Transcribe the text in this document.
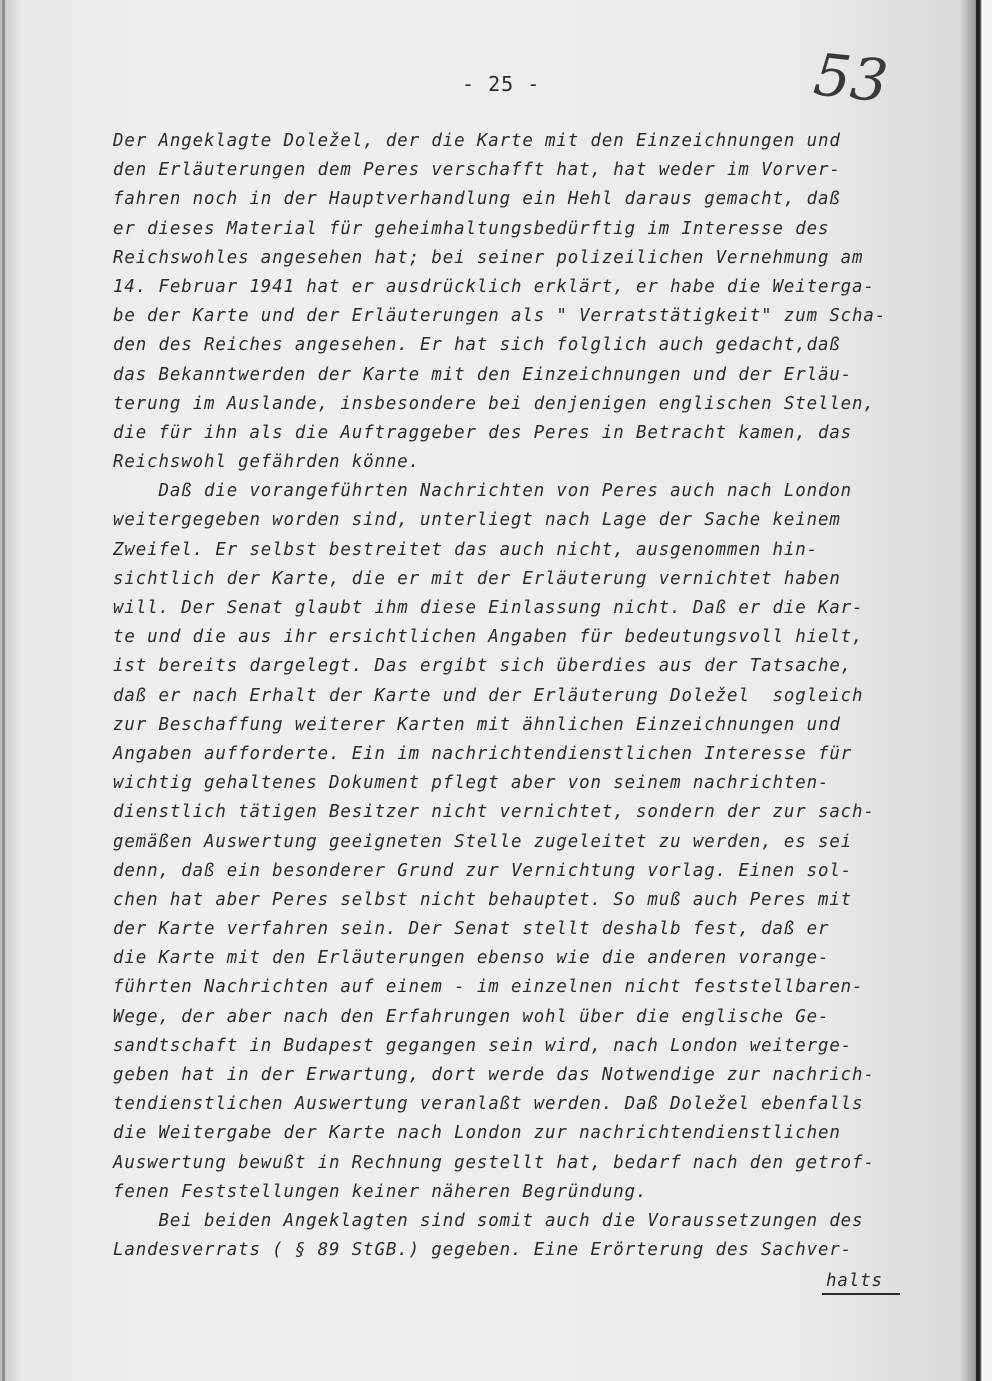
- 25 -	53
Der Angeklagte Doležel, der die Karte mit den Einzeichnungen und
den Erläuterungen dem Peres verschafft hat, hat weder im Vorver-
fahren noch in der Hauptverhandlung ein Hehl daraus gemacht, daß
er dieses Material für geheimhaltungsbedürftig im Interesse des
Reichswohles angesehen hat; bei seiner polizeilichen Vernehmung am
14. Februar 1941 hat er ausdrücklich erklärt, er habe die Weiterga-
be der Karte und der Erläuterungen als " Verratstätigkeit" zum Scha-
den des Reiches angesehen. Er hat sich folglich auch gedacht,daß
das Bekanntwerden der Karte mit den Einzeichnungen und der Erläu-
terung im Auslande, insbesondere bei denjenigen englischen Stellen,
die für ihn als die Auftraggeber des Peres in Betracht kamen, das
Reichswohl gefährden könne.
Daß die vorangeführten Nachrichten von Peres auch nach London
weitergegeben worden sind, unterliegt nach Lage der Sache keinem
Zweifel. Er selbst bestreitet das auch nicht, ausgenommen hin-
sichtlich der Karte, die er mit der Erläuterung vernichtet haben
will. Der Senat glaubt ihm diese Einlassung nicht. Daß er die Kar-
te und die aus ihr ersichtlichen Angaben für bedeutungsvoll hielt,
ist bereits dargelegt. Das ergibt sich überdies aus der Tatsache,
daß er nach Erhalt der Karte und der Erläuterung Doležel  sogleich
zur Beschaffung weiterer Karten mit ähnlichen Einzeichnungen und
Angaben aufforderte. Ein im nachrichtendienstlichen Interesse für
wichtig gehaltenes Dokument pflegt aber von seinem nachrichten-
dienstlich tätigen Besitzer nicht vernichtet, sondern der zur sach-
gemäßen Auswertung geeigneten Stelle zugeleitet zu werden, es sei
denn, daß ein besonderer Grund zur Vernichtung vorlag. Einen sol-
chen hat aber Peres selbst nicht behauptet. So muß auch Peres mit
der Karte verfahren sein. Der Senat stellt deshalb fest, daß er
die Karte mit den Erläuterungen ebenso wie die anderen vorange-
führten Nachrichten auf einem - im einzelnen nicht feststellbaren-
Wege, der aber nach den Erfahrungen wohl über die englische Ge-
sandtschaft in Budapest gegangen sein wird, nach London weiterge-
geben hat in der Erwartung, dort werde das Notwendige zur nachrich-
tendienstlichen Auswertung veranlaßt werden. Daß Doležel ebenfalls
die Weitergabe der Karte nach London zur nachrichtendienstlichen
Auswertung bewußt in Rechnung gestellt hat, bedarf nach den getrof-
fenen Feststellungen keiner näheren Begründung.
Bei beiden Angeklagten sind somit auch die Voraussetzungen des
Landesverrats ( § 89 StGB.) gegeben. Eine Erörterung des Sachver-
halts
